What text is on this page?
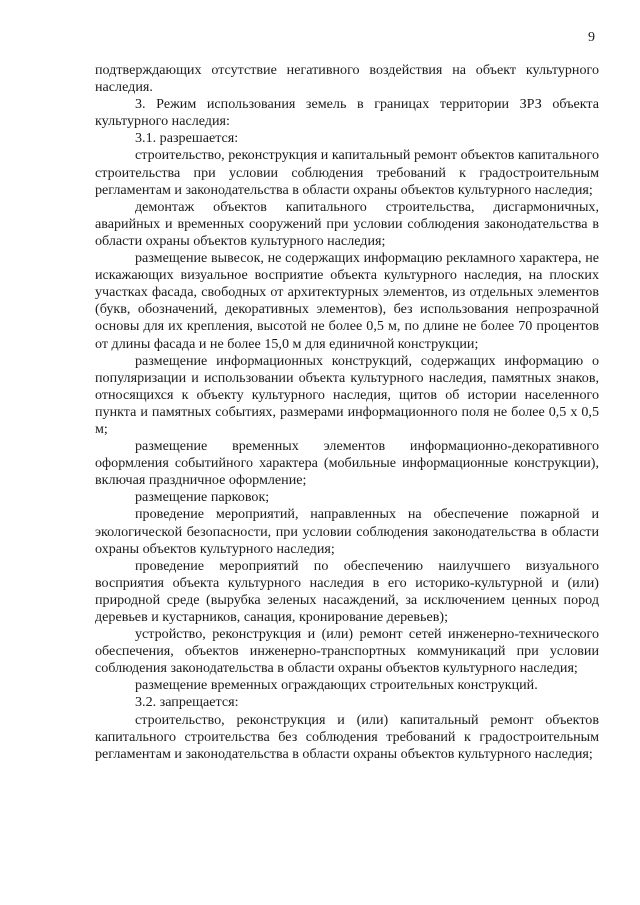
9

подтверждающих отсутствие негативного воздействия на объект культурного наследия.

3. Режим использования земель в границах территории ЗРЗ объекта культурного наследия:

3.1. разрешается:

строительство, реконструкция и капитальный ремонт объектов капитального строительства при условии соблюдения требований к градостроительным регламентам и законодательства в области охраны объектов культурного наследия;

демонтаж объектов капитального строительства, дисгармоничных, аварийных и временных сооружений при условии соблюдения законодательства в области охраны объектов культурного наследия;

размещение вывесок, не содержащих информацию рекламного характера, не искажающих визуальное восприятие объекта культурного наследия, на плоских участках фасада, свободных от архитектурных элементов, из отдельных элементов (букв, обозначений, декоративных элементов), без использования непрозрачной основы для их крепления, высотой не более 0,5 м, по длине не более 70 процентов от длины фасада и не более 15,0 м для единичной конструкции;

размещение информационных конструкций, содержащих информацию о популяризации и использовании объекта культурного наследия, памятных знаков, относящихся к объекту культурного наследия, щитов об истории населенного пункта и памятных событиях, размерами информационного поля не более 0,5 х 0,5 м;

размещение временных элементов информационно-декоративного оформления событийного характера (мобильные информационные конструкции), включая праздничное оформление;

размещение парковок;

проведение мероприятий, направленных на обеспечение пожарной и экологической безопасности, при условии соблюдения законодательства в области охраны объектов культурного наследия;

проведение мероприятий по обеспечению наилучшего визуального восприятия объекта культурного наследия в его историко-культурной и (или) природной среде (вырубка зеленых насаждений, за исключением ценных пород деревьев и кустарников, санация, кронирование деревьев);

устройство, реконструкция и (или) ремонт сетей инженерно-технического обеспечения, объектов инженерно-транспортных коммуникаций при условии соблюдения законодательства в области охраны объектов культурного наследия;

размещение временных ограждающих строительных конструкций.

3.2. запрещается:

строительство, реконструкция и (или) капитальный ремонт объектов капитального строительства без соблюдения требований к градостроительным регламентам и законодательства в области охраны объектов культурного наследия;
